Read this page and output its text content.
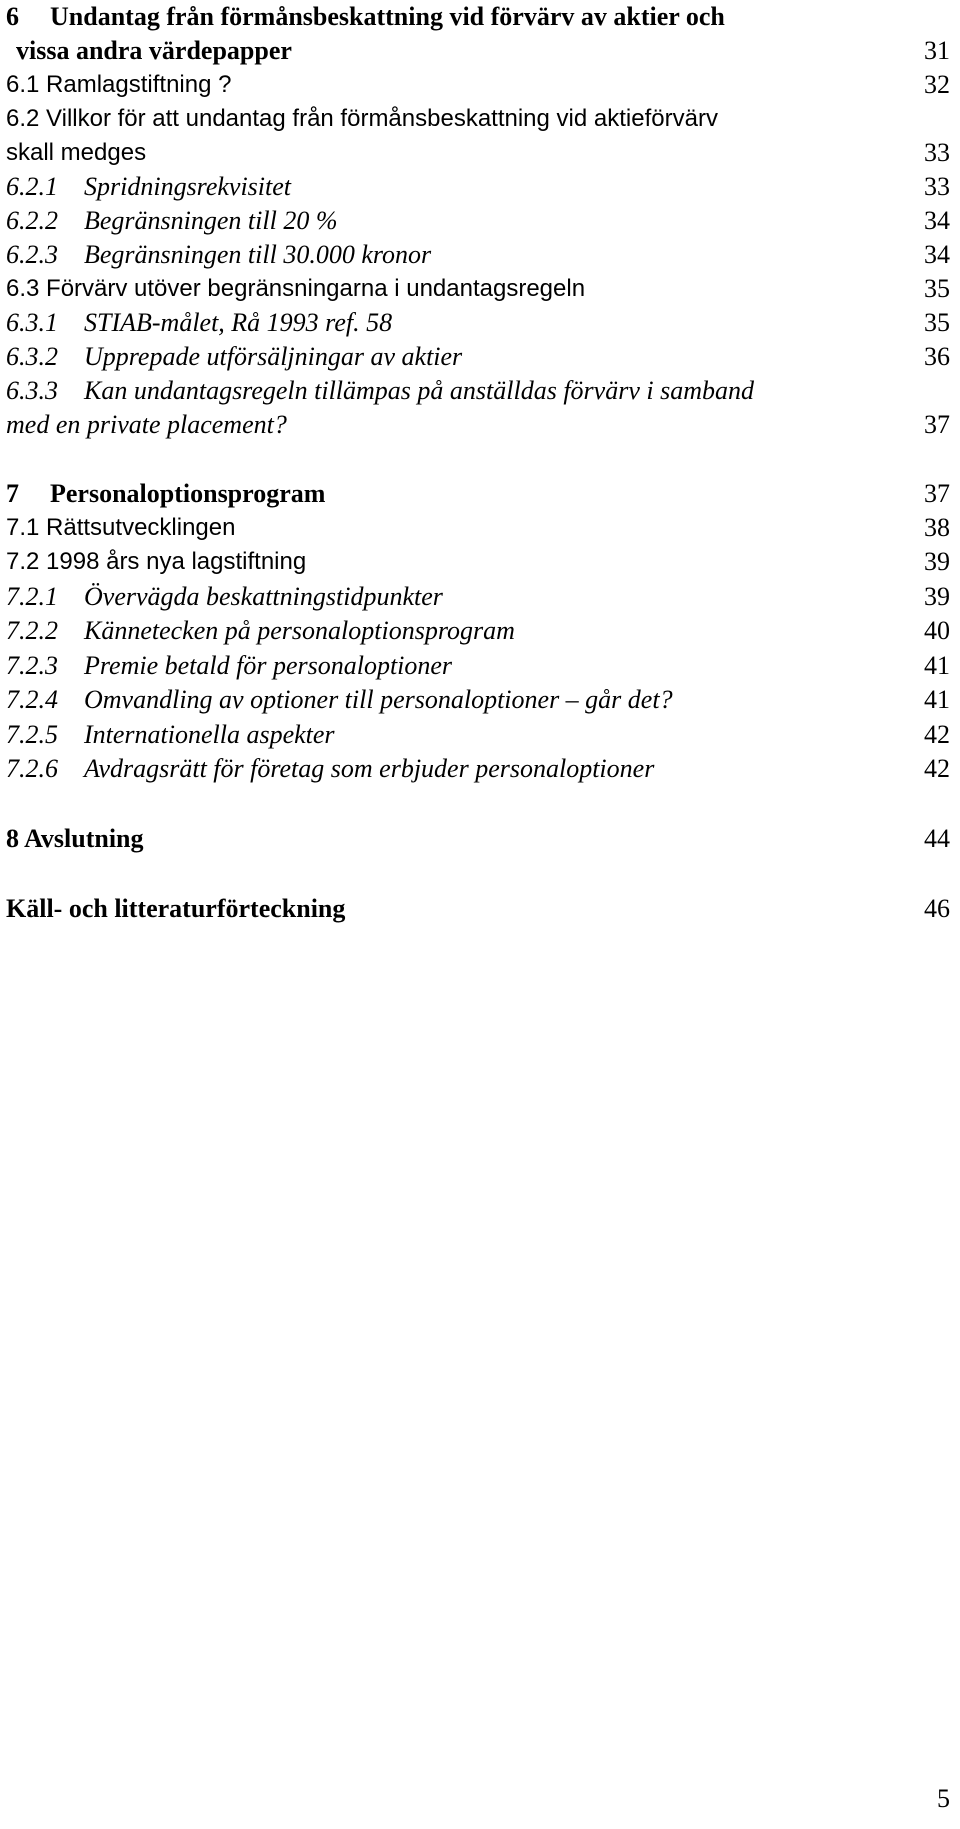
6 Undantag från förmånsbeskattning vid förvärv av aktier och
vissa andra värdepapper	31
6.1 Ramlagstiftning ?	32
6.2 Villkor för att undantag från förmånsbeskattning vid aktieförvärv
skall medges	33
6.2.1 Spridningsrekvisitet	33
6.2.2 Begränsningen till 20 %	34
6.2.3 Begränsningen till 30.000 kronor	34
6.3 Förvärv utöver begränsningarna i undantagsregeln	35
6.3.1 STIAB-målet, Rå 1993 ref. 58	35
6.3.2 Upprepade utförsäljningar av aktier	36
6.3.3 Kan undantagsregeln tillämpas på anställdas förvärv i samband
med en private placement?	37
7 Personaloptionsprogram	37
7.1 Rättsutvecklingen	38
7.2 1998 års nya lagstiftning	39
7.2.1 Övervägda beskattningstidpunkter	39
7.2.2 Kännetecken på personaloptionsprogram	40
7.2.3 Premie betald för personaloptioner	41
7.2.4 Omvandling av optioner till personaloptioner – går det?	41
7.2.5 Internationella aspekter	42
7.2.6 Avdragsrätt för företag som erbjuder personaloptioner	42
8 Avslutning	44
Käll- och litteraturförteckning	46
5
